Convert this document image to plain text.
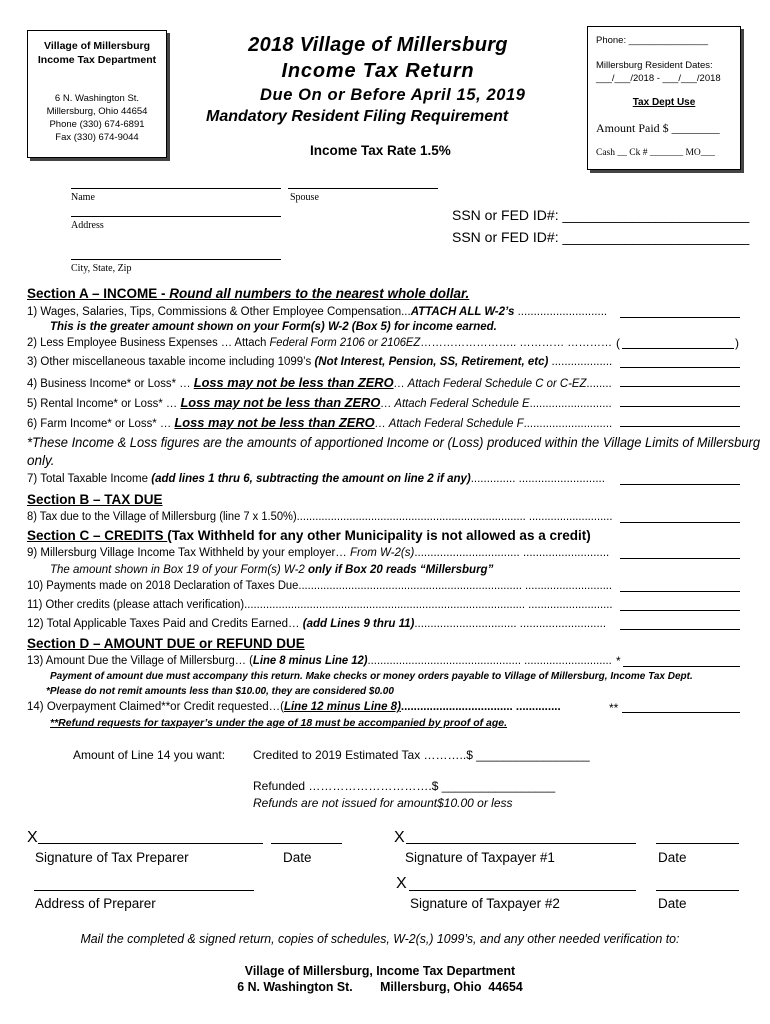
Village of Millersburg
Income Tax Department
6 N. Washington St.
Millersburg, Ohio 44654
Phone (330) 674-6891
Fax (330) 674-9044
2018 Village of Millersburg
Income Tax Return
Due On or Before April 15, 2019
Mandatory Resident Filing Requirement
Income Tax Rate 1.5%
Phone: _______________
Millersburg Resident Dates:
___/___/2018 - ___/___/2018
Tax Dept Use
Amount Paid $ ________
Cash __ Ck # _______ MO___
Name	Spouse
Address
SSN or FED ID#: ________________________
SSN or FED ID#: ________________________
City, State, Zip
Section A – INCOME - Round all numbers to the nearest whole dollar.
1) Wages, Salaries, Tips, Commissions & Other Employee Compensation...ATTACH ALL W-2’s ............................
This is the greater amount shown on your Form(s) W-2 (Box 5) for income earned.
2) Less Employee Business Expenses … Attach Federal Form 2106 or 2106EZ…………………….. ………… ………… (	)
3) Other miscellaneous taxable income including 1099’s (Not Interest, Pension, SS, Retirement, etc) ...................
4) Business Income* or Loss* … Loss may not be less than ZERO… Attach Federal Schedule C or C-EZ........
5) Rental Income* or Loss* … Loss may not be less than ZERO… Attach Federal Schedule E..........................
6) Farm Income* or Loss* … Loss may not be less than ZERO… Attach Federal Schedule F............................
*These Income & Loss figures are the amounts of apportioned Income or (Loss) produced within the Village Limits of Millersburg
only.
7) Total Taxable Income (add lines 1 thru 6, subtracting the amount on line 2 if any).............. ...........................
Section B – TAX DUE
8) Tax due to the Village of Millersburg (line 7 x 1.50%).......................................................................... ...........................
Section C – CREDITS (Tax Withheld for any other Municipality is not allowed as a credit)
9) Millersburg Village Income Tax Withheld by your employer… From W-2(s)................................. ...........................
The amount shown in Box 19 of your Form(s) W-2 only if Box 20 reads “Millersburg”
10) Payments made on 2018 Declaration of Taxes Due........................................................................ ............................
11) Other credits (please attach verification).......................................................................................... ...........................
12) Total Applicable Taxes Paid and Credits Earned… (add Lines 9 thru 11)................................ ...........................
Section D – AMOUNT DUE or REFUND DUE
13) Amount Due the Village of Millersburg… (Line 8 minus Line 12)................................................. ............................ *
Payment of amount due must accompany this return. Make checks or money orders payable to Village of Millersburg, Income Tax Dept.
*Please do not remit amounts less than $10.00, they are considered $0.00
14) Overpayment Claimed**or Credit requested…(Line 12 minus Line 8)................................... ..............	**
**Refund requests for taxpayer’s under the age of 18 must be accompanied by proof of age.
Amount of Line 14 you want: Credited to 2019 Estimated Tax ………..$ _________________
Refunded ………………………….$ _________________
Refunds are not issued for amount$10.00 or less
X
Signature of Tax Preparer	Date
X
Signature of Taxpayer #1	Date
Address of Preparer
X
Signature of Taxpayer #2	Date
Mail the completed & signed return, copies of schedules, W-2(s,) 1099’s, and any other needed verification to:
Village of Millersburg, Income Tax Department
6 N. Washington St.        Millersburg, Ohio  44654
